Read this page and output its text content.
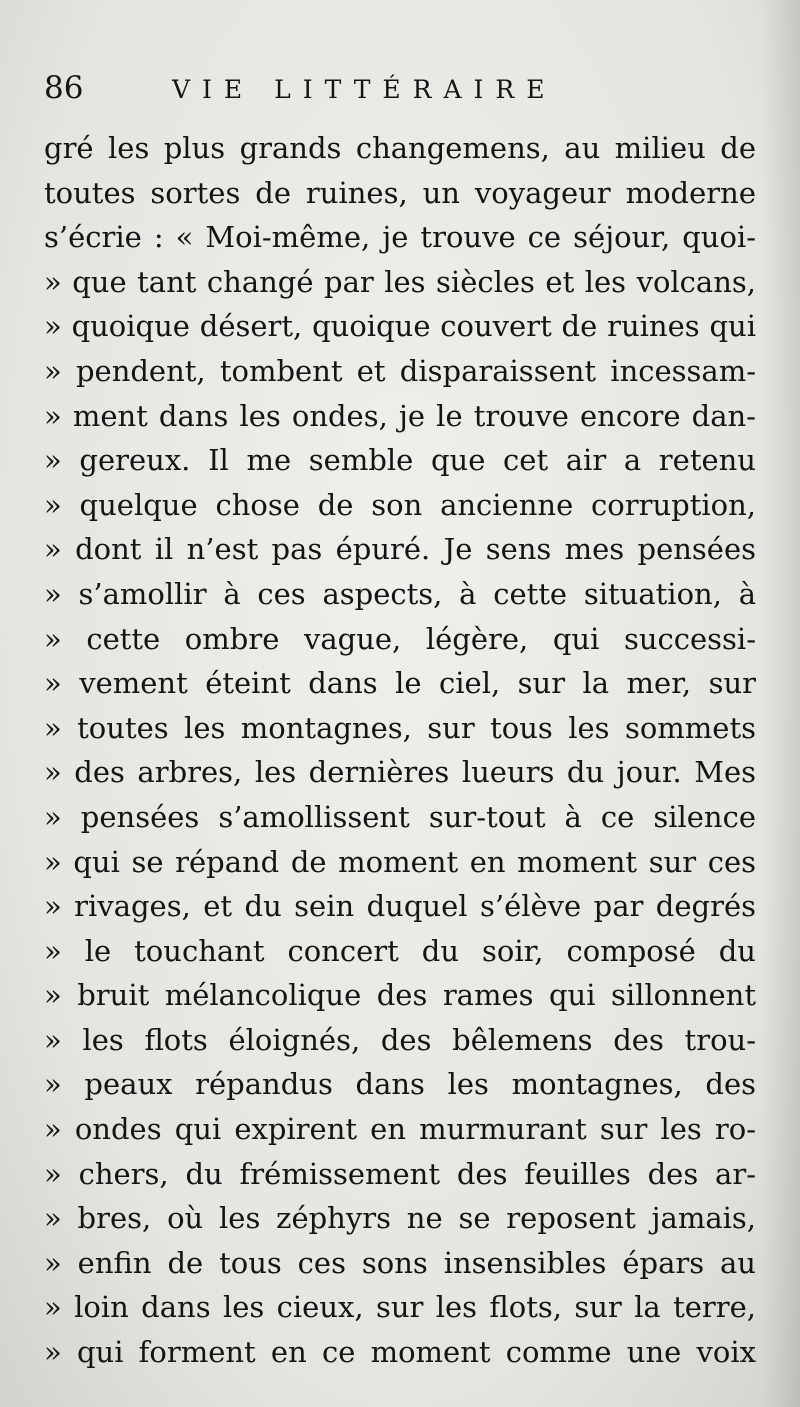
86	VIE LITTÉRAIRE
gré les plus grands changemens, au milieu de
toutes sortes de ruines, un voyageur moderne
s’écrie : « Moi-même, je trouve ce séjour, quoi-
» que tant changé par les siècles et les volcans,
» quoique désert, quoique couvert de ruines qui
» pendent, tombent et disparaissent incessam-
» ment dans les ondes, je le trouve encore dan-
» gereux. Il me semble que cet air a retenu
» quelque chose de son ancienne corruption,
» dont il n’est pas épuré. Je sens mes pensées
» s’amollir à ces aspects, à cette situation, à
» cette ombre vague, légère, qui successi-
» vement éteint dans le ciel, sur la mer, sur
» toutes les montagnes, sur tous les sommets
» des arbres, les dernières lueurs du jour. Mes
» pensées s’amollissent sur-tout à ce silence
» qui se répand de moment en moment sur ces
» rivages, et du sein duquel s’élève par degrés
» le touchant concert du soir, composé du
» bruit mélancolique des rames qui sillonnent
» les flots éloignés, des bêlemens des trou-
» peaux répandus dans les montagnes, des
» ondes qui expirent en murmurant sur les ro-
» chers, du frémissement des feuilles des ar-
» bres, où les zéphyrs ne se reposent jamais,
» enfin de tous ces sons insensibles épars au
» loin dans les cieux, sur les flots, sur la terre,
» qui forment en ce moment comme une voix
